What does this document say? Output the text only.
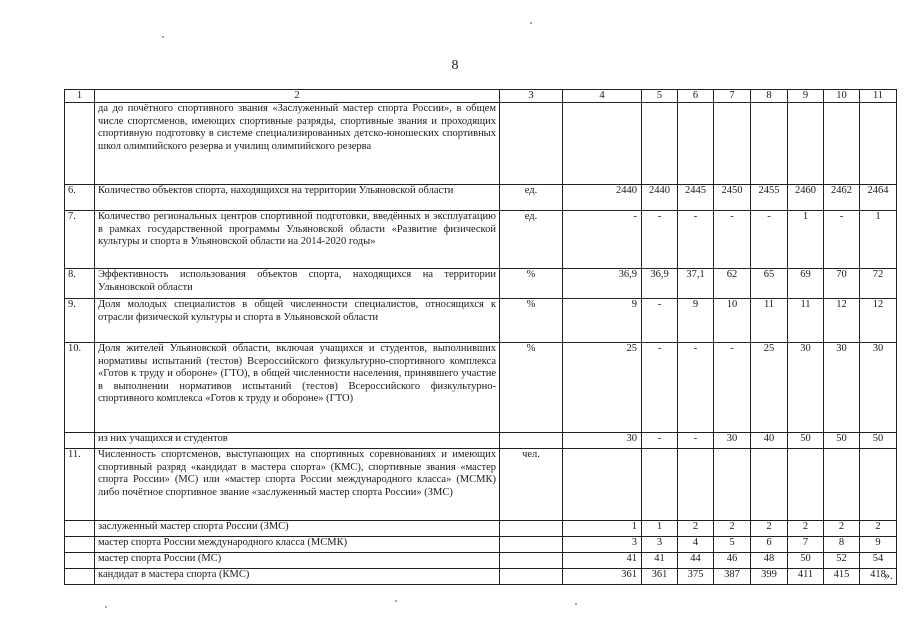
8
1	2	3	4	5	6	7	8	9	10	11
	да до почётного спортивного звания «Заслуженный мастер спорта России», в общем числе спортсменов, имеющих спортивные разряды, спортивные звания и проходящих спортивную подготовку в системе специализированных детско-юношеских спортивных школ олимпийского резерва и училищ олимпийского резерва									
6.	Количество объектов спорта, находящихся на территории Ульяновской области	ед.	2440	2440	2445	2450	2455	2460	2462	2464
7.	Количество региональных центров спортивной подготовки, введённых в эксплуатацию в рамках государственной программы Ульяновской области «Развитие физической культуры и спорта в Ульяновской области на 2014-2020 годы»	ед.	-	-	-	-	-	1	-	1
8.	Эффективность использования объектов спорта, находящихся на территории Ульяновской области	%	36,9	36,9	37,1	62	65	69	70	72
9.	Доля молодых специалистов в общей численности специалистов, относящихся к отрасли физической культуры и спорта в Ульяновской области	%	9	-	9	10	11	11	12	12
10.	Доля жителей Ульяновской области, включая учащихся и студентов, выполнивших нормативы испытаний (тестов) Всероссийского физкультурно-спортивного комплекса «Готов к труду и обороне» (ГТО), в общей численности населения, принявшего участие в выполнении нормативов испытаний (тестов) Всероссийского физкультурно-спортивного комплекса «Готов к труду и обороне» (ГТО)	%	25	-	-	-	25	30	30	30
	из них учащихся и студентов		30	-	-	30	40	50	50	50
11.	Численность спортсменов, выступающих на спортивных соревнованиях и имеющих спортивный разряд «кандидат в мастера спорта» (КМС), спортивные звания «мастер спорта России» (МС) или «мастер спорта России международного класса» (МСМК) либо почётное спортивное звание «заслуженный мастер спорта России» (ЗМС)	чел.								
	заслуженный мастер спорта России (ЗМС)		1	1	2	2	2	2	2	2
	мастер спорта России международного класса (МСМК)		3	3	4	5	6	7	8	9
	мастер спорта России (МС)		41	41	44	46	48	50	52	54
	кандидат в мастера спорта (КМС)		361	361	375	387	399	411	415	418
».
